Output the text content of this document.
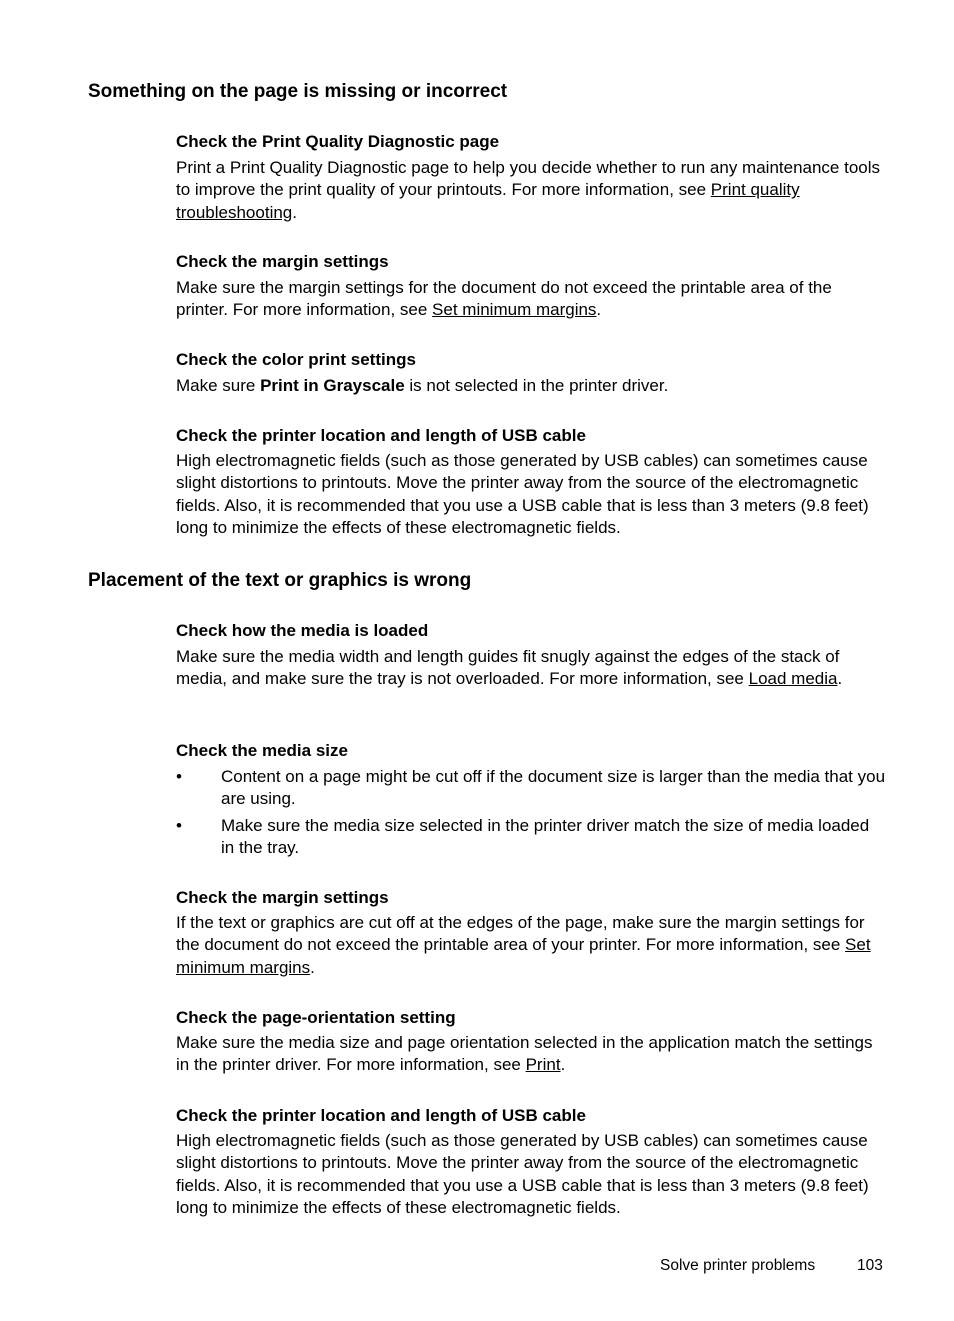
Something on the page is missing or incorrect
Check the Print Quality Diagnostic page

Print a Print Quality Diagnostic page to help you decide whether to run any maintenance tools to improve the print quality of your printouts. For more information, see Print quality troubleshooting.

Check the margin settings

Make sure the margin settings for the document do not exceed the printable area of the printer. For more information, see Set minimum margins.

Check the color print settings

Make sure Print in Grayscale is not selected in the printer driver.

Check the printer location and length of USB cable

High electromagnetic fields (such as those generated by USB cables) can sometimes cause slight distortions to printouts. Move the printer away from the source of the electromagnetic fields. Also, it is recommended that you use a USB cable that is less than 3 meters (9.8 feet) long to minimize the effects of these electromagnetic fields.

Placement of the text or graphics is wrong
Check how the media is loaded

Make sure the media width and length guides fit snugly against the edges of the stack of media, and make sure the tray is not overloaded. For more information, see Load media.

Check the media size
• Content on a page might be cut off if the document size is larger than the media that you are using.
• Make sure the media size selected in the printer driver match the size of media loaded in the tray.
Check the margin settings

If the text or graphics are cut off at the edges of the page, make sure the margin settings for the document do not exceed the printable area of your printer. For more information, see Set minimum margins.

Check the page-orientation setting

Make sure the media size and page orientation selected in the application match the settings in the printer driver. For more information, see Print.

Check the printer location and length of USB cable

High electromagnetic fields (such as those generated by USB cables) can sometimes cause slight distortions to printouts. Move the printer away from the source of the electromagnetic fields. Also, it is recommended that you use a USB cable that is less than 3 meters (9.8 feet) long to minimize the effects of these electromagnetic fields.

Solve printer problems	103
